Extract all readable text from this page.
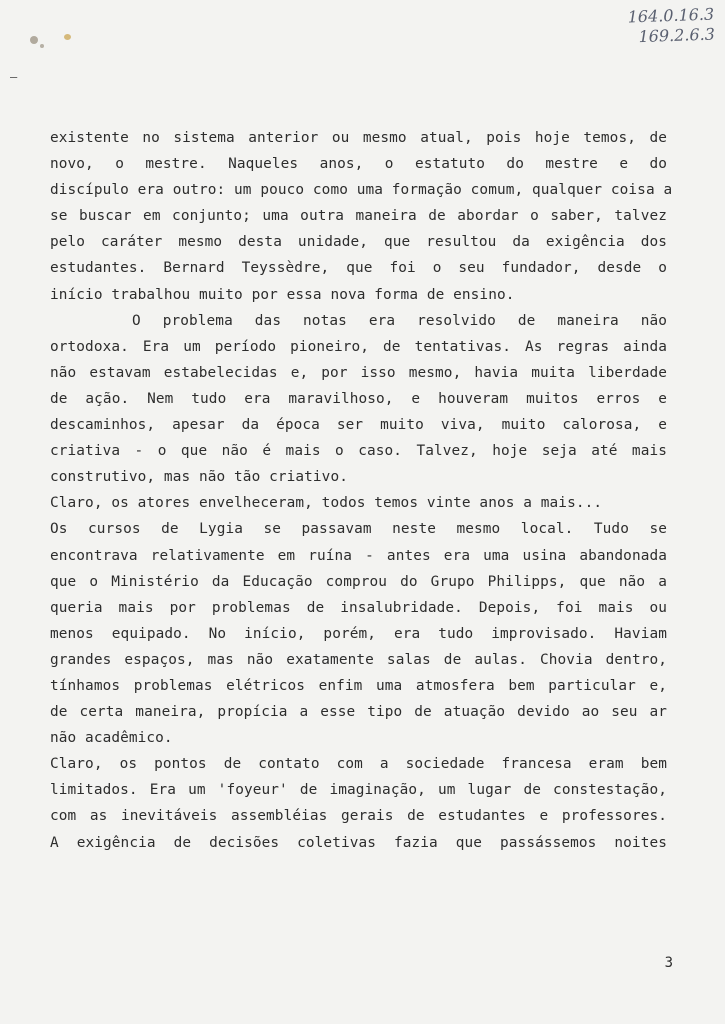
164.0.16.3
169.2.6.3
–
existente no sistema anterior ou mesmo atual, pois hoje temos, de
novo, o mestre. Naqueles anos, o estatuto do mestre e do
discípulo era outro: um pouco como uma formação comum, qualquer coisa a
se buscar em conjunto; uma outra maneira de abordar o saber, talvez
pelo caráter mesmo desta unidade, que resultou da exigência dos
estudantes. Bernard Teyssèdre, que foi o seu fundador, desde o
início trabalhou muito por essa nova forma de ensino.
O problema das notas era resolvido de maneira não
ortodoxa. Era um período pioneiro, de tentativas. As regras ainda
não estavam estabelecidas e, por isso mesmo, havia muita liberdade
de ação. Nem tudo era maravilhoso, e houveram muitos erros e
descaminhos, apesar da época ser muito viva, muito calorosa, e
criativa - o que não é mais o caso. Talvez, hoje seja até mais
construtivo, mas não tão criativo.
Claro, os atores envelheceram, todos temos vinte anos a mais...
Os cursos de Lygia se passavam neste mesmo local. Tudo se
encontrava relativamente em ruína - antes era uma usina abandonada
que o Ministério da Educação comprou do Grupo Philipps, que não a
queria mais por problemas de insalubridade. Depois, foi mais ou
menos equipado. No início, porém, era tudo improvisado. Haviam
grandes espaços, mas não exatamente salas de aulas. Chovia dentro,
tínhamos problemas elétricos enfim uma atmosfera bem particular e,
de certa maneira, propícia a esse tipo de atuação devido ao seu ar
não acadêmico.
Claro, os pontos de contato com a sociedade francesa eram bem
limitados. Era um 'foyeur' de imaginação, um lugar de constestação,
com as inevitáveis assembléias gerais de estudantes e professores.
A exigência de decisões coletivas fazia que passássemos noites
3
